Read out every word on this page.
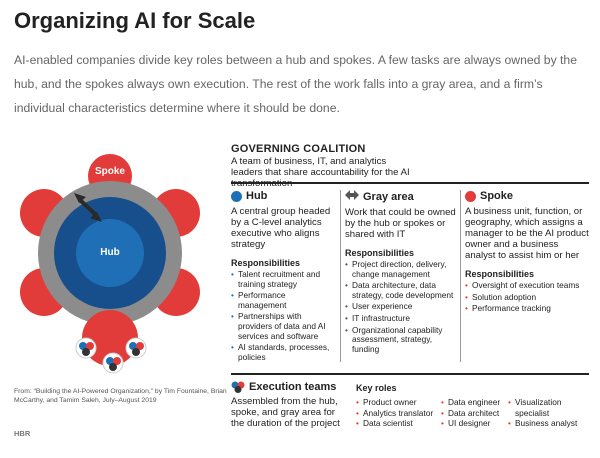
Organizing AI for Scale
AI-enabled companies divide key roles between a hub and spokes. A few tasks are always owned by the hub, and the spokes always own execution. The rest of the work falls into a gray area, and a firm’s individual characteristics determine where it should be done.
Spoke
Hub
GOVERNING COALITION
A team of business, IT, and analytics leaders that share accountability for the AI
Hub
A central group headed by a C-level analytics executive who aligns strategy
Responsibilities
• Talent recruitment and training strategy
• Performance management
• Partnerships with providers of data and AI services and software
• AI standards, processes, policies
Gray area
Work that could be owned by the hub or spokes or shared with IT
Responsibilities
• Project direction, delivery, change management
• Data architecture, data strategy, code development
• User experience
• IT infrastructure
• Organizational capability assessment, strategy, funding
Spoke
A business unit, function, or geography, which assigns a manager to be the AI product owner and a business analyst to assist him or her
Responsibilities
• Oversight of execution teams
• Solution adoption
• Performance tracking
Execution teams
Assembled from the hub, spoke, and gray area for the duration of the project
Key roles
• Product owner
• Analytics translator
• Data scientist
• Data engineer
• Data architect
• UI designer
• Visualization specialist
• Business analyst
From: “Building the AI-Powered Organization,” by Tim Fountaine, Brian McCarthy, and Tamim Saleh, July–August 2019
HBR
